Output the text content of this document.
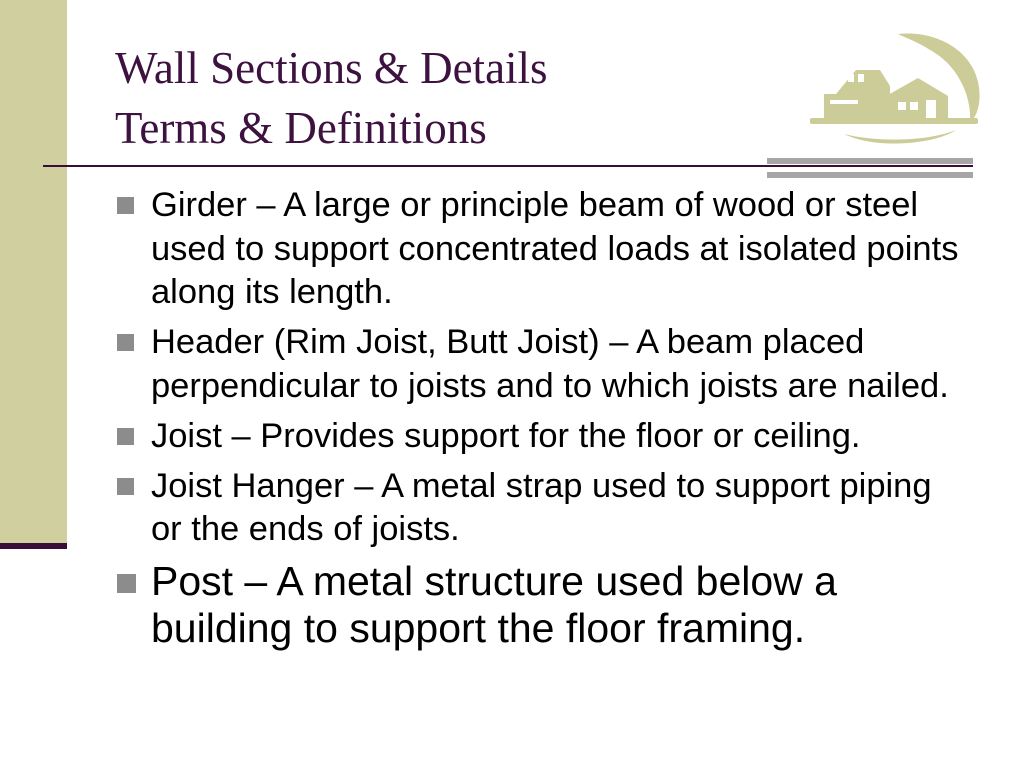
Wall Sections & Details
Terms & Definitions
Girder – A large or principle beam of wood or steel used to support concentrated loads at isolated points along its length.
Header (Rim Joist, Butt Joist) – A beam placed perpendicular to joists and to which joists are nailed.
Joist – Provides support for the floor or ceiling.
Joist Hanger – A metal strap used to support piping or the ends of joists.
Post – A metal structure used below a building to support the floor framing.
